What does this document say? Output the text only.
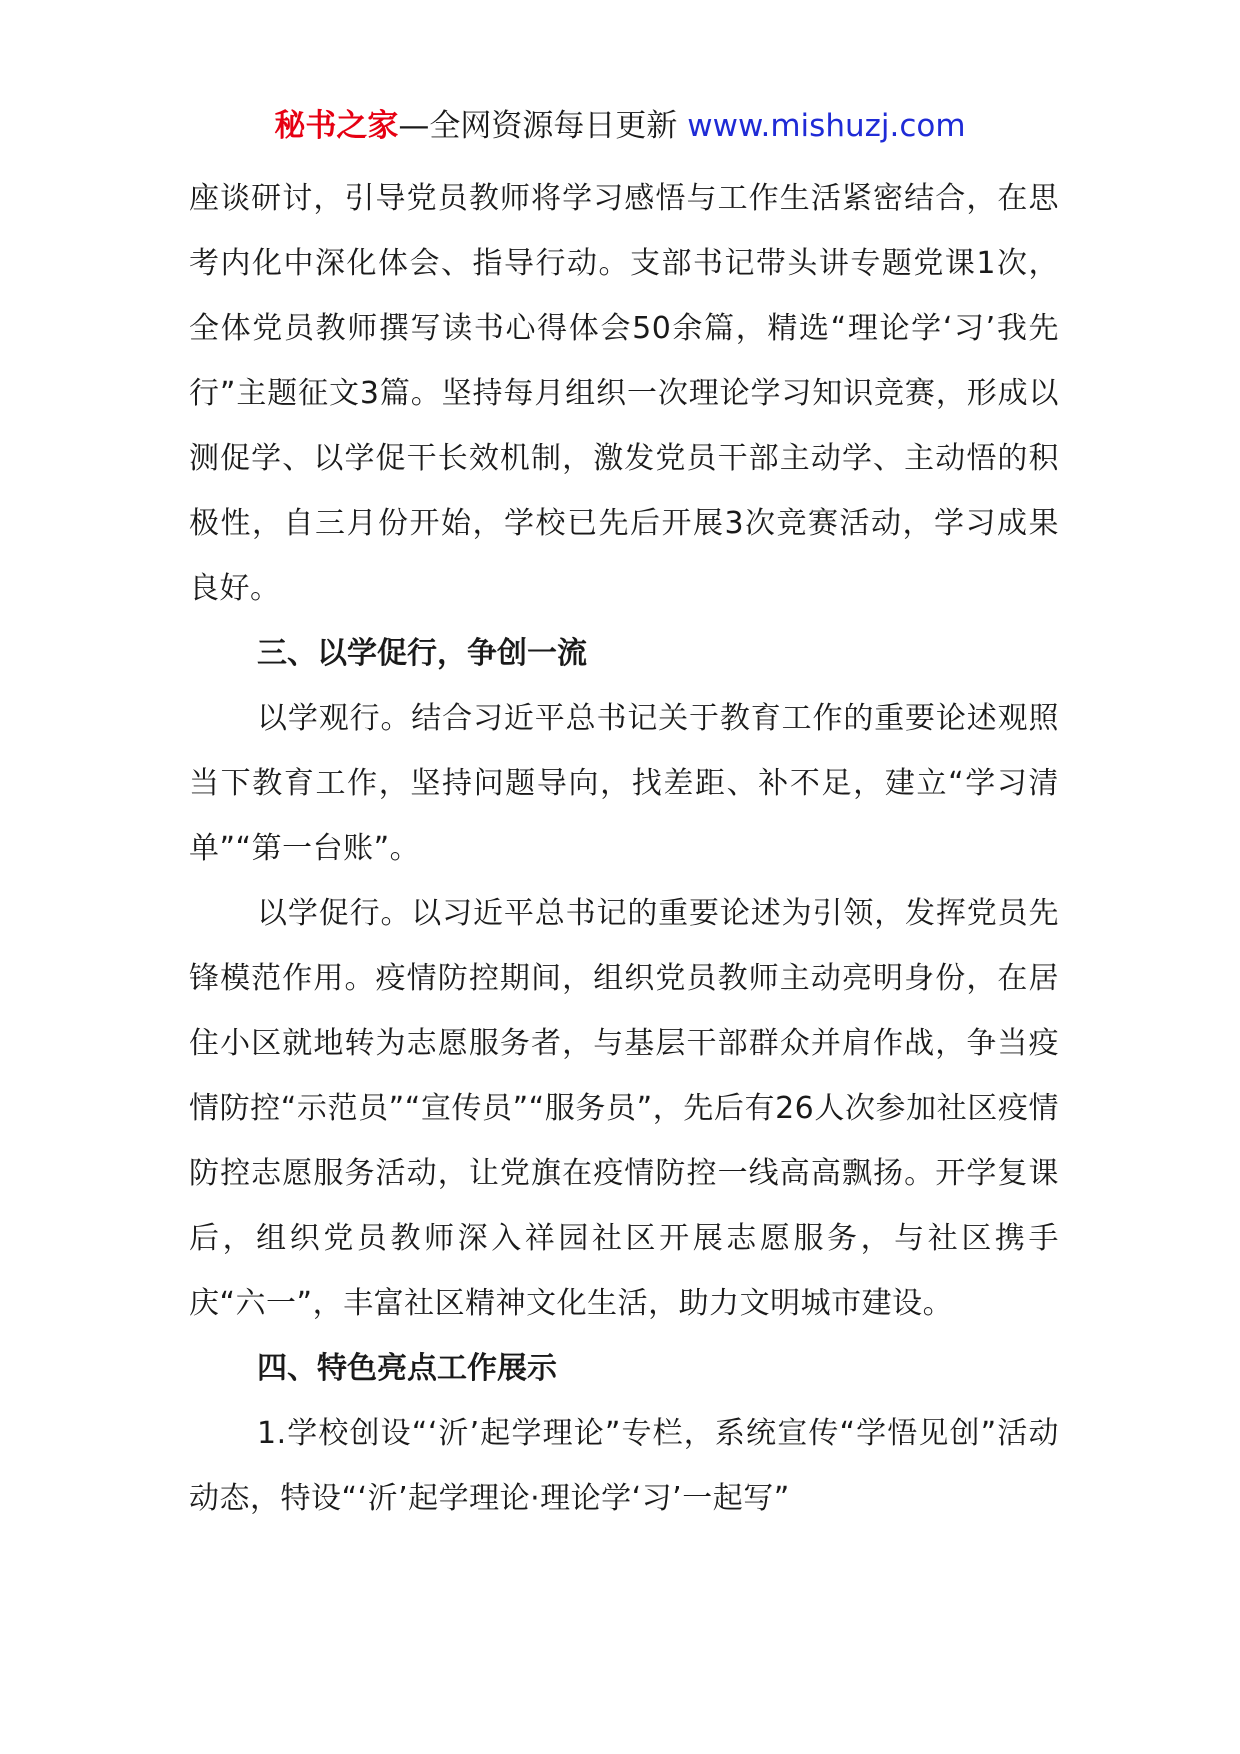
秘书之家—全网资源每日更新 www.mishuzj.com

座谈研讨，引导党员教师将学习感悟与工作生活紧密结合，在思考内化中深化体会、指导行动。支部书记带头讲专题党课1次，全体党员教师撰写读书心得体会50余篇，精选“理论学‘习’我先行”主题征文3篇。坚持每月组织一次理论学习知识竞赛，形成以测促学、以学促干长效机制，激发党员干部主动学、主动悟的积极性，自三月份开始，学校已先后开展3次竞赛活动，学习成果良好。

三、以学促行，争创一流

以学观行。结合习近平总书记关于教育工作的重要论述观照当下教育工作，坚持问题导向，找差距、补不足，建立“学习清单”“第一台账”。

以学促行。以习近平总书记的重要论述为引领，发挥党员先锋模范作用。疫情防控期间，组织党员教师主动亮明身份，在居住小区就地转为志愿服务者，与基层干部群众并肩作战，争当疫情防控“示范员”“宣传员”“服务员”，先后有26人次参加社区疫情防控志愿服务活动，让党旗在疫情防控一线高高飘扬。开学复课后，组织党员教师深入祥园社区开展志愿服务，与社区携手庆“六一”，丰富社区精神文化生活，助力文明城市建设。

四、特色亮点工作展示

1.学校创设“‘沂’起学理论”专栏，系统宣传“学悟见创”活动动态，特设“‘沂’起学理论·理论学‘习’一起写”
